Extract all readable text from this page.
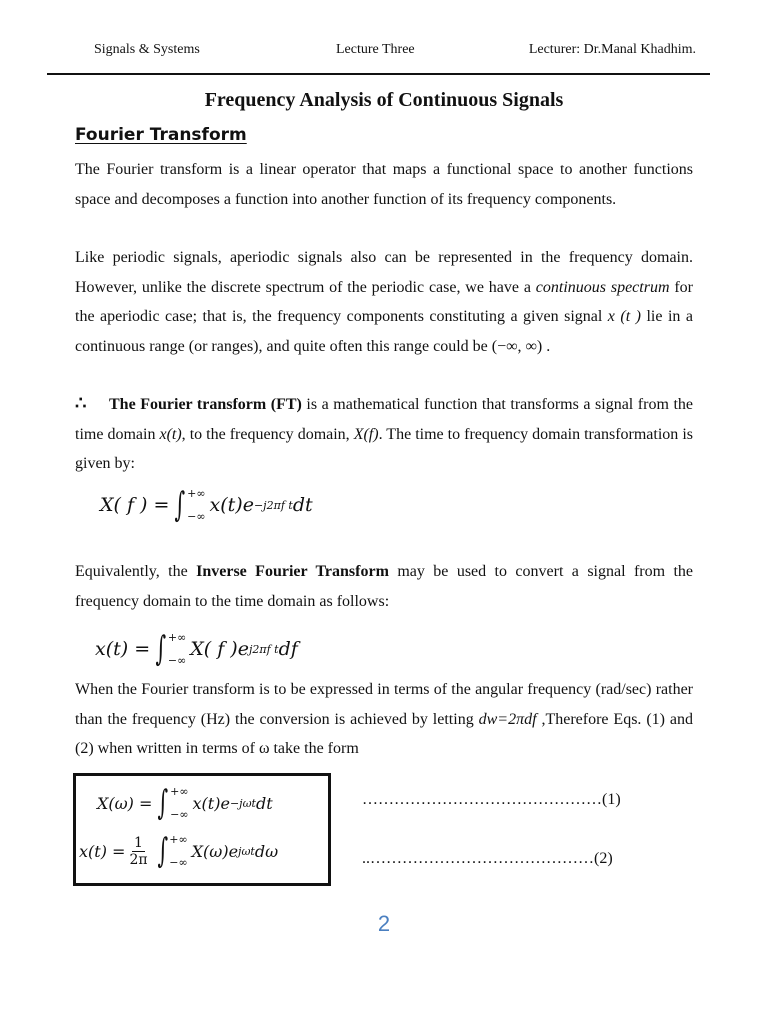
Signals & Systems	Lecture Three	Lecturer: Dr.Manal Khadhim.
Frequency Analysis of Continuous Signals
Fourier Transform
The Fourier transform is a linear operator that maps a functional space to another functions space and decomposes a function into another function of its frequency components.
Like periodic signals, aperiodic signals also can be represented in the frequency domain. However, unlike the discrete spectrum of the periodic case, we have a continuous spectrum for the aperiodic case; that is, the frequency components constituting a given signal x (t ) lie in a continuous range (or ranges), and quite often this range could be (−∞, ∞) .
∴ The Fourier transform (FT) is a mathematical function that transforms a signal from the time domain x(t), to the frequency domain, X(f). The time to frequency domain transformation is given by:
X( f ) = ∫ +∞
−∞
x(t)e −j2πf t dt
Equivalently, the Inverse Fourier Transform may be used to convert a signal from the frequency domain to the time domain as follows:
x(t) = ∫ +∞
−∞
X( f )e j2πf t df
When the Fourier transform is to be expressed in terms of the angular frequency (rad/sec) rather than the frequency (Hz) the conversion is achieved by letting dw=2πdf ,Therefore Eqs. (1) and (2) when written in terms of ω take the form
X(ω) = ∫ +∞
−∞
x(t)e −jωt dt
$x(t) = \frac{1}{2\pi}$ ∫ +∞
−∞
X(ω)e jωt dω
………………………………………(1)
..……………………………………(2)
2
